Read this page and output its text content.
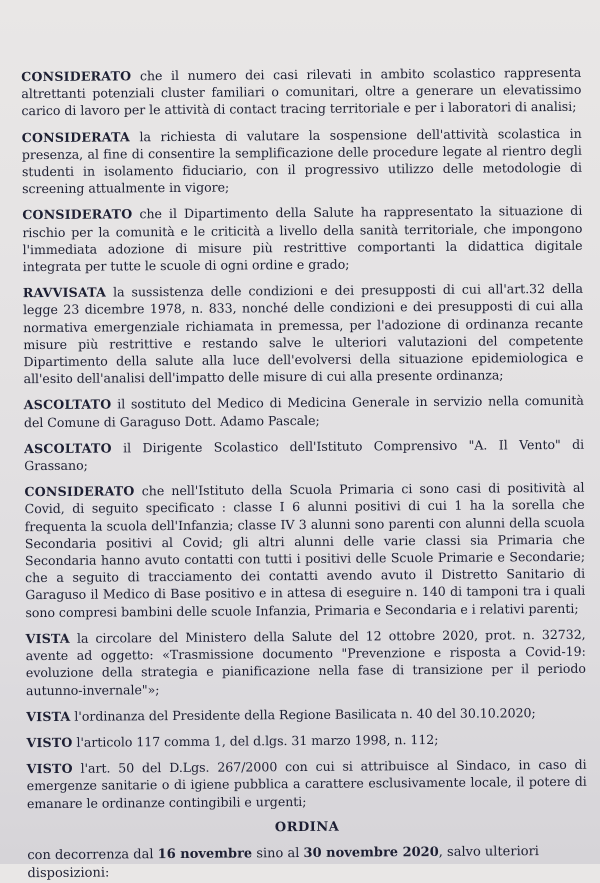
CONSIDERATO che il numero dei casi rilevati in ambito scolastico rappresenta altrettanti potenziali cluster familiari o comunitari, oltre a generare un elevatissimo carico di lavoro per le attività di contact tracing territoriale e per i laboratori di analisi;

CONSIDERATA la richiesta di valutare la sospensione dell'attività scolastica in presenza, al fine di consentire la semplificazione delle procedure legate al rientro degli studenti in isolamento fiduciario, con il progressivo utilizzo delle metodologie di screening attualmente in vigore;

CONSIDERATO che il Dipartimento della Salute ha rappresentato la situazione di rischio per la comunità e le criticità a livello della sanità territoriale, che impongono l'immediata adozione di misure più restrittive comportanti la didattica digitale integrata per tutte le scuole di ogni ordine e grado;

RAVVISATA la sussistenza delle condizioni e dei presupposti di cui all'art.32 della legge 23 dicembre 1978, n. 833, nonché delle condizioni e dei presupposti di cui alla normativa emergenziale richiamata in premessa, per l'adozione di ordinanza recante misure più restrittive e restando salve le ulteriori valutazioni del competente Dipartimento della salute alla luce dell'evolversi della situazione epidemiologica e all'esito dell'analisi dell'impatto delle misure di cui alla presente ordinanza;

ASCOLTATO il sostituto del Medico di Medicina Generale in servizio nella comunità del Comune di Garaguso Dott. Adamo Pascale;

ASCOLTATO il Dirigente Scolastico dell'Istituto Comprensivo "A. Il Vento" di Grassano;

CONSIDERATO che nell'Istituto della Scuola Primaria ci sono casi di positività al Covid, di seguito specificato : classe I 6 alunni positivi di cui 1 ha la sorella che frequenta la scuola dell'Infanzia; classe IV 3 alunni sono parenti con alunni della scuola Secondaria positivi al Covid; gli altri alunni delle varie classi sia Primaria che Secondaria hanno avuto contatti con tutti i positivi delle Scuole Primarie e Secondarie; che a seguito di tracciamento dei contatti avendo avuto il Distretto Sanitario di Garaguso il Medico di Base positivo e in attesa di eseguire n. 140 di tamponi tra i quali sono compresi bambini delle scuole Infanzia, Primaria e Secondaria e i relativi parenti;

VISTA la circolare del Ministero della Salute del 12 ottobre 2020, prot. n. 32732, avente ad oggetto: «Trasmissione documento "Prevenzione e risposta a Covid-19: evoluzione della strategia e pianificazione nella fase di transizione per il periodo autunno-invernale"»;

VISTA l'ordinanza del Presidente della Regione Basilicata n. 40 del 30.10.2020;

VISTO l'articolo 117 comma 1, del d.lgs. 31 marzo 1998, n. 112;

VISTO l'art. 50 del D.Lgs. 267/2000 con cui si attribuisce al Sindaco, in caso di emergenze sanitarie o di igiene pubblica a carattere esclusivamente locale, il potere di emanare le ordinanze contingibili e urgenti;

ORDINA

con decorrenza dal 16 novembre sino al 30 novembre 2020, salvo ulteriori disposizioni:
